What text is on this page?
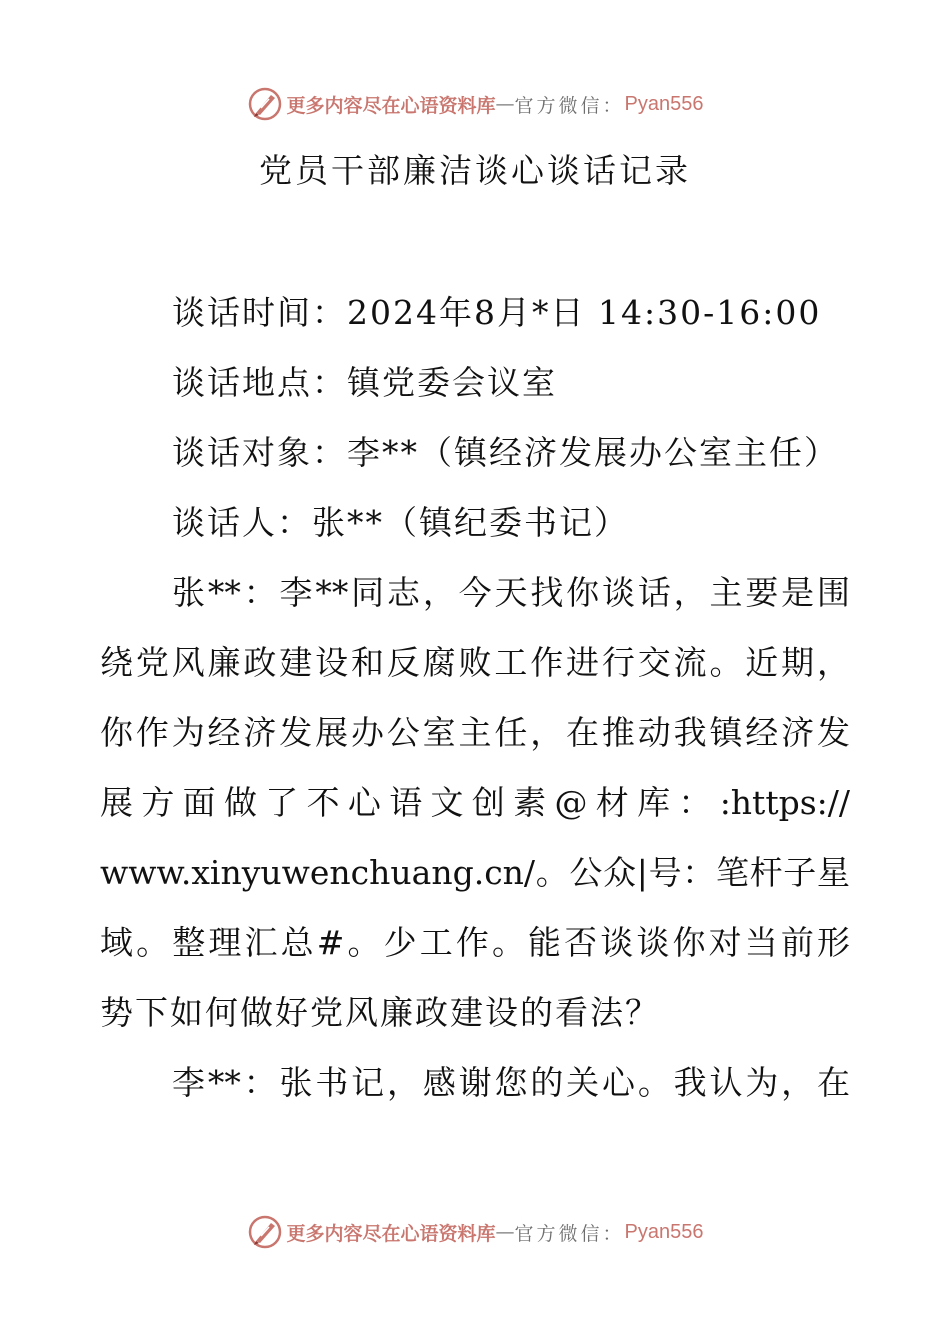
更多内容尽在心语资料库 — 官方微信： Pyan556
党员干部廉洁谈心谈话记录
谈话时间：2024年8月*日 14:30-16:00
谈话地点：镇党委会议室
谈话对象：李**（镇经济发展办公室主任）
谈话人：张**（镇纪委书记）
张**：李**同志，今天找你谈话，主要是围
绕党风廉政建设和反腐败工作进行交流。近期，
你作为经济发展办公室主任，在推动我镇经济发
展方面做了不心语文创素@材库：:https://
www.xinyuwenchuang.cn/。公众|号：笔杆子星
域。整理汇总#。少工作。能否谈谈你对当前形
势下如何做好党风廉政建设的看法？
李**：张书记，感谢您的关心。我认为，在
更多内容尽在心语资料库 — 官方微信： Pyan556
